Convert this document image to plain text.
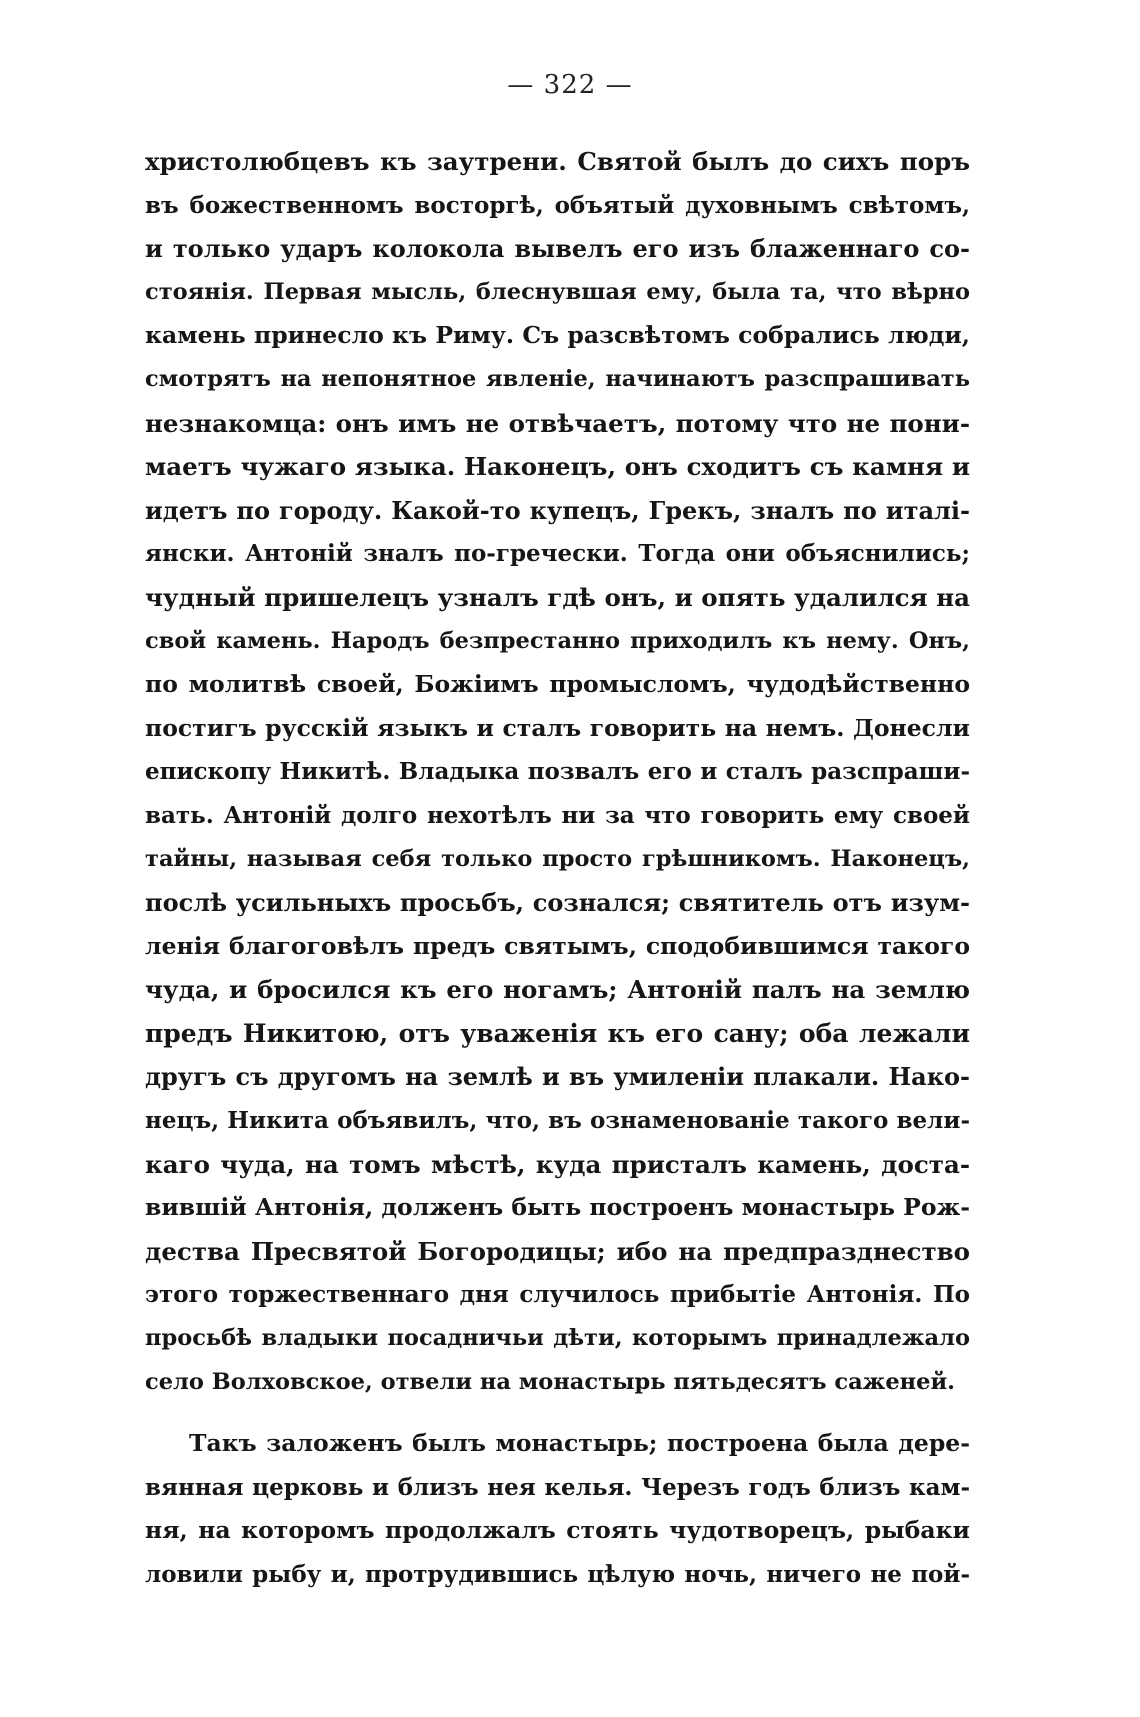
— 322 —
христолюбцевъ къ заутрени. Святой былъ до сихъ поръ
въ божественномъ восторгѣ, объятый духовнымъ свѣтомъ,
и только ударъ колокола вывелъ его изъ блаженнаго со-
стоянія. Первая мысль, блеснувшая ему, была та, что вѣрно
камень принесло къ Риму. Съ разсвѣтомъ собрались люди,
смотрятъ на непонятное явленіе, начинаютъ разспрашивать
незнакомца: онъ имъ не отвѣчаетъ, потому что не пони-
маетъ чужаго языка. Наконецъ, онъ сходитъ съ камня и
идетъ по городу. Какой-то купецъ, Грекъ, зналъ по италі-
янски. Антоній зналъ по-гречески. Тогда они объяснились;
чудный пришелецъ узналъ гдѣ онъ, и опять удалился на
свой камень. Народъ безпрестанно приходилъ къ нему. Онъ,
по молитвѣ своей, Божіимъ промысломъ, чудодѣйственно
постигъ русскій языкъ и сталъ говорить на немъ. Донесли
епископу Никитѣ. Владыка позвалъ его и сталъ разспраши-
вать. Антоній долго нехотѣлъ ни за что говорить ему своей
тайны, называя себя только просто грѣшникомъ. Наконецъ,
послѣ усильныхъ просьбъ, сознался; святитель отъ изум-
ленія благоговѣлъ предъ святымъ, сподобившимся такого
чуда, и бросился къ его ногамъ; Антоній палъ на землю
предъ Никитою, отъ уваженія къ его сану; оба лежали
другъ съ другомъ на землѣ и въ умиленіи плакали. Нако-
нецъ, Никита объявилъ, что, въ ознаменованіе такого вели-
каго чуда, на томъ мѣстѣ, куда присталъ камень, доста-
вившій Антонія, долженъ быть построенъ монастырь Рож-
дества Пресвятой Богородицы; ибо на предпразднество
этого торжественнаго дня случилось прибытіе Антонія. По
просьбѣ владыки посадничьи дѣти, которымъ принадлежало
село Волховское, отвели на монастырь пятьдесятъ саженей.
Такъ заложенъ былъ монастырь; построена была дере-
вянная церковь и близъ нея келья. Черезъ годъ близъ кам-
ня, на которомъ продолжалъ стоять чудотворецъ, рыбаки
ловили рыбу и, протрудившись цѣлую ночь, ничего не пой-
